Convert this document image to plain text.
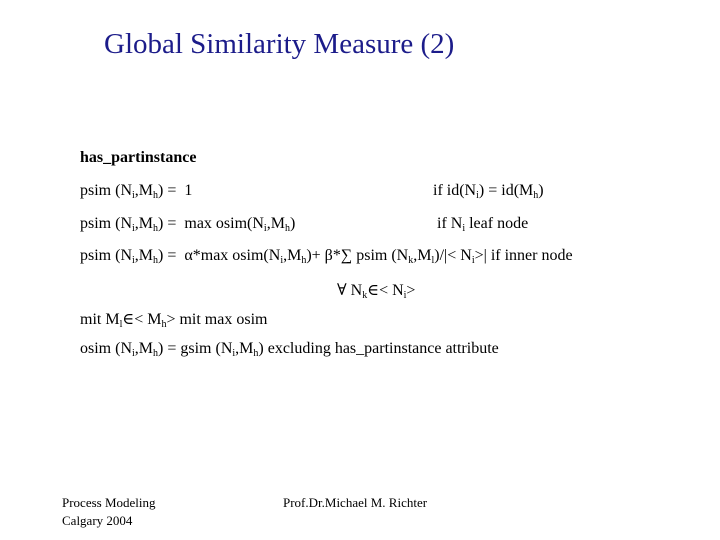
Global Similarity Measure (2)
has_partinstance
psim $(N_i,M_h) = 1$	if $id(N_i) = id(M_h)$
psim $(N_i,M_h) = \max$ $osim(N_i,M_h)$	if $N_i$ leaf node
psim $(N_i,M_h) = \alpha*\max$ $osim(N_i,M_h)+ \beta*\sum$ psim $(N_k,M_l)/|< N_i>|$ if inner node
∀ $N_k\in< N_i>$
mit $M_l\in< M_h>$ mit max osim
osim $(N_i,M_h)$ = gsim $(N_i,M_h)$ excluding has_partinstance attribute
Process Modeling
Calgary 2004
Prof.Dr.Michael M. Richter
